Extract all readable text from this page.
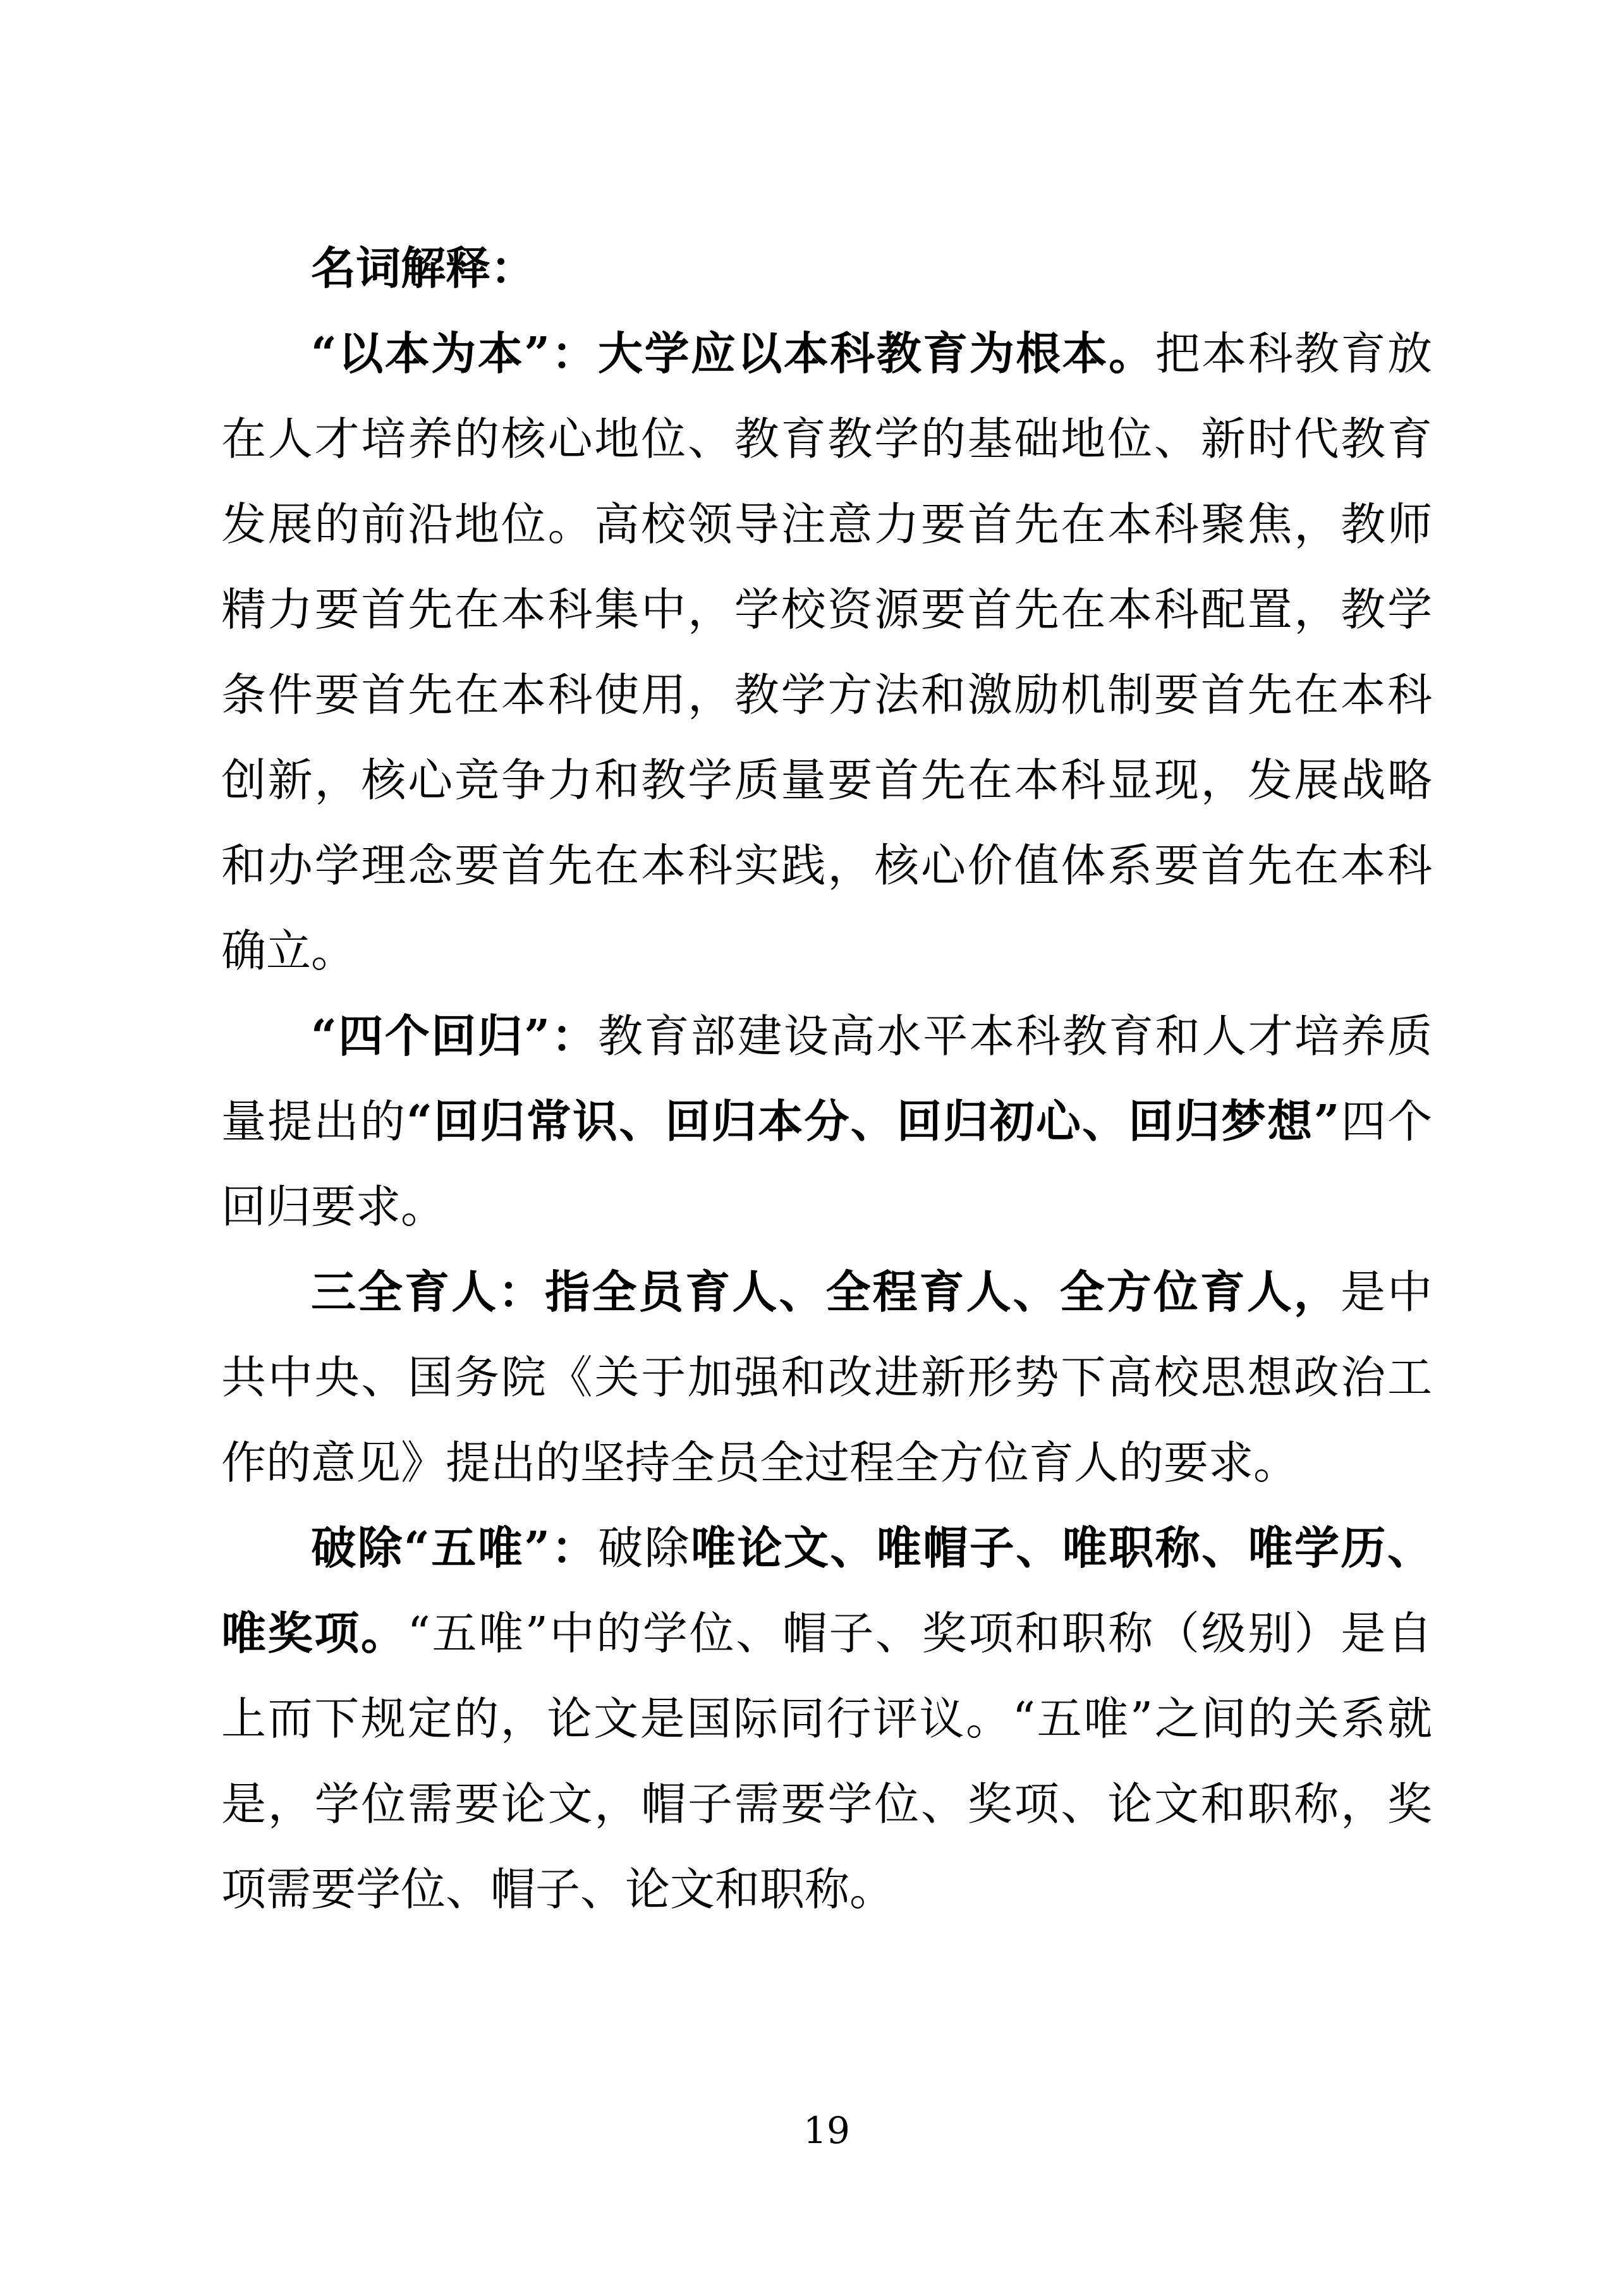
名词解释：

“以本为本”：大学应以本科教育为根本。把本科教育放在人才培养的核心地位、教育教学的基础地位、新时代教育发展的前沿地位。高校领导注意力要首先在本科聚焦，教师精力要首先在本科集中，学校资源要首先在本科配置，教学条件要首先在本科使用，教学方法和激励机制要首先在本科创新，核心竞争力和教学质量要首先在本科显现，发展战略和办学理念要首先在本科实践，核心价值体系要首先在本科确立。

“四个回归”：教育部建设高水平本科教育和人才培养质量提出的“回归常识、回归本分、回归初心、回归梦想”四个回归要求。

三全育人：指全员育人、全程育人、全方位育人，是中共中央、国务院《关于加强和改进新形势下高校思想政治工作的意见》提出的坚持全员全过程全方位育人的要求。

破除“五唯”：破除唯论文、唯帽子、唯职称、唯学历、唯奖项。“五唯”中的学位、帽子、奖项和职称（级别）是自上而下规定的，论文是国际同行评议。“五唯”之间的关系就是，学位需要论文，帽子需要学位、奖项、论文和职称，奖项需要学位、帽子、论文和职称。

19
